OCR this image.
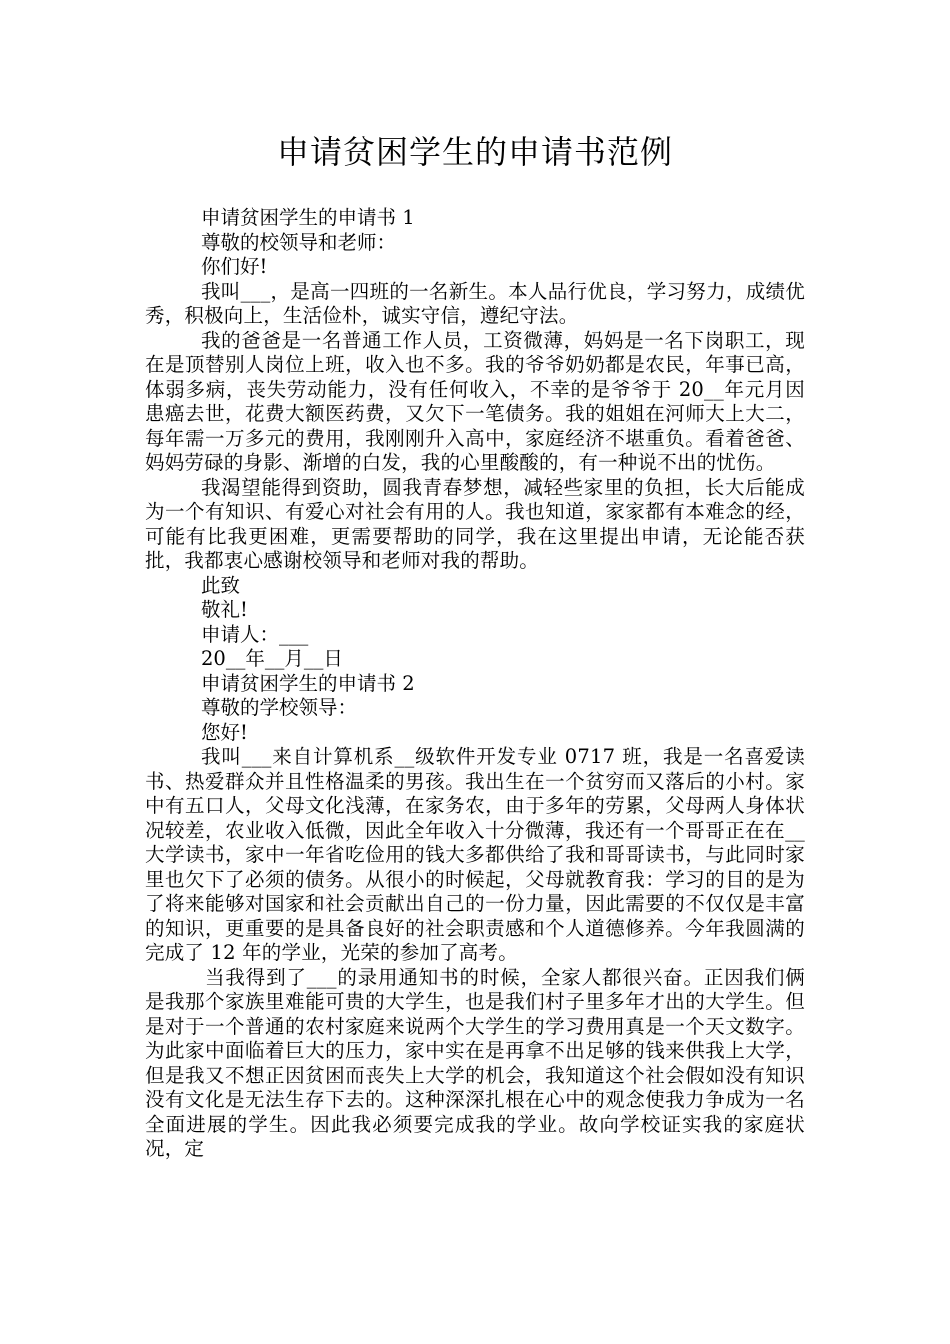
申请贫困学生的申请书范例
申请贫困学生的申请书 1
尊敬的校领导和老师：
你们好!

我叫___，是高一四班的一名新生。本人品行优良，学习努力，成绩优秀，积极向上，生活俭朴，诚实守信，遵纪守法。

我的爸爸是一名普通工作人员，工资微薄，妈妈是一名下岗职工，现在是顶替别人岗位上班，收入也不多。我的爷爷奶奶都是农民，年事已高，体弱多病，丧失劳动能力，没有任何收入，不幸的是爷爷于 20__年元月因患癌去世，花费大额医药费，又欠下一笔债务。我的姐姐在河师大上大二，每年需一万多元的费用，我刚刚升入高中，家庭经济不堪重负。看着爸爸、妈妈劳碌的身影、渐增的白发，我的心里酸酸的，有一种说不出的忧伤。

我渴望能得到资助，圆我青春梦想，减轻些家里的负担，长大后能成为一个有知识、有爱心对社会有用的人。我也知道，家家都有本难念的经，可能有比我更困难，更需要帮助的同学，我在这里提出申请，无论能否获批，我都衷心感谢校领导和老师对我的帮助。

此致
敬礼!
申请人：___
20__年__月__日
申请贫困学生的申请书 2
尊敬的学校领导：
您好!

我叫___来自计算机系__级软件开发专业 0717 班，我是一名喜爱读书、热爱群众并且性格温柔的男孩。我出生在一个贫穷而又落后的小村。家中有五口人，父母文化浅薄，在家务农，由于多年的劳累，父母两人身体状况较差，农业收入低微，因此全年收入十分微薄，我还有一个哥哥正在在__大学读书，家中一年省吃俭用的钱大多都供给了我和哥哥读书，与此同时家里也欠下了必须的债务。从很小的时候起，父母就教育我：学习的目的是为了将来能够对国家和社会贡献出自己的一份力量，因此需要的不仅仅是丰富的知识，更重要的是具备良好的社会职责感和个人道德修养。今年我圆满的完成了 12 年的学业，光荣的参加了高考。

当我得到了___的录用通知书的时候，全家人都很兴奋。正因我们俩是我那个家族里难能可贵的大学生，也是我们村子里多年才出的大学生。但是对于一个普通的农村家庭来说两个大学生的学习费用真是一个天文数字。为此家中面临着巨大的压力，家中实在是再拿不出足够的钱来供我上大学，但是我又不想正因贫困而丧失上大学的机会，我知道这个社会假如没有知识没有文化是无法生存下去的。这种深深扎根在心中的观念使我力争成为一名全面进展的学生。因此我必须要完成我的学业。故向学校证实我的家庭状况，定
